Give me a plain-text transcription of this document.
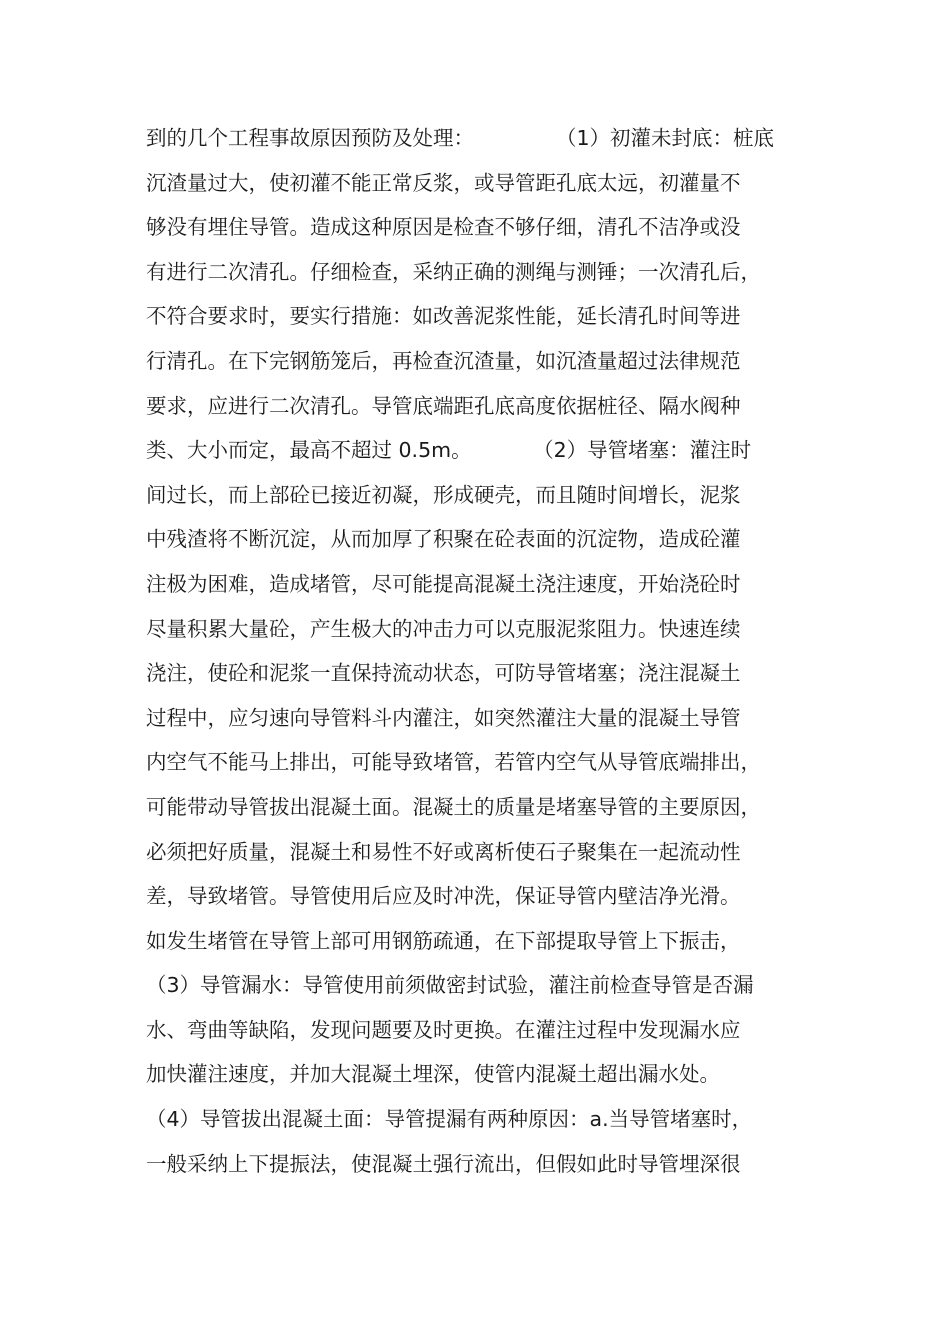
到的几个工程事故原因预防及处理：　　　　　（1）初灌未封底：桩底
沉渣量过大，使初灌不能正常反浆，或导管距孔底太远，初灌量不
够没有埋住导管。造成这种原因是检查不够仔细，清孔不洁净或没
有进行二次清孔。仔细检查，采纳正确的测绳与测锤；一次清孔后，
不符合要求时，要实行措施：如改善泥浆性能，延长清孔时间等进
行清孔。在下完钢筋笼后，再检查沉渣量，如沉渣量超过法律规范
要求，应进行二次清孔。导管底端距孔底高度依据桩径、隔水阀种
类、大小而定，最高不超过 0.5m。　　　　（2）导管堵塞：灌注时
间过长，而上部砼已接近初凝，形成硬壳，而且随时间增长，泥浆
中残渣将不断沉淀，从而加厚了积聚在砼表面的沉淀物，造成砼灌
注极为困难，造成堵管，尽可能提高混凝土浇注速度，开始浇砼时
尽量积累大量砼，产生极大的冲击力可以克服泥浆阻力。快速连续
浇注，使砼和泥浆一直保持流动状态，可防导管堵塞；浇注混凝土
过程中，应匀速向导管料斗内灌注，如突然灌注大量的混凝土导管
内空气不能马上排出，可能导致堵管，若管内空气从导管底端排出，
可能带动导管拔出混凝土面。混凝土的质量是堵塞导管的主要原因，
必须把好质量，混凝土和易性不好或离析使石子聚集在一起流动性
差，导致堵管。导管使用后应及时冲洗，保证导管内壁洁净光滑。
如发生堵管在导管上部可用钢筋疏通，在下部提取导管上下振击，
（3）导管漏水：导管使用前须做密封试验，灌注前检查导管是否漏
水、弯曲等缺陷，发现问题要及时更换。在灌注过程中发现漏水应
加快灌注速度，并加大混凝土埋深，使管内混凝土超出漏水处。
（4）导管拔出混凝土面：导管提漏有两种原因：a.当导管堵塞时，
一般采纳上下提振法，使混凝土强行流出，但假如此时导管埋深很
